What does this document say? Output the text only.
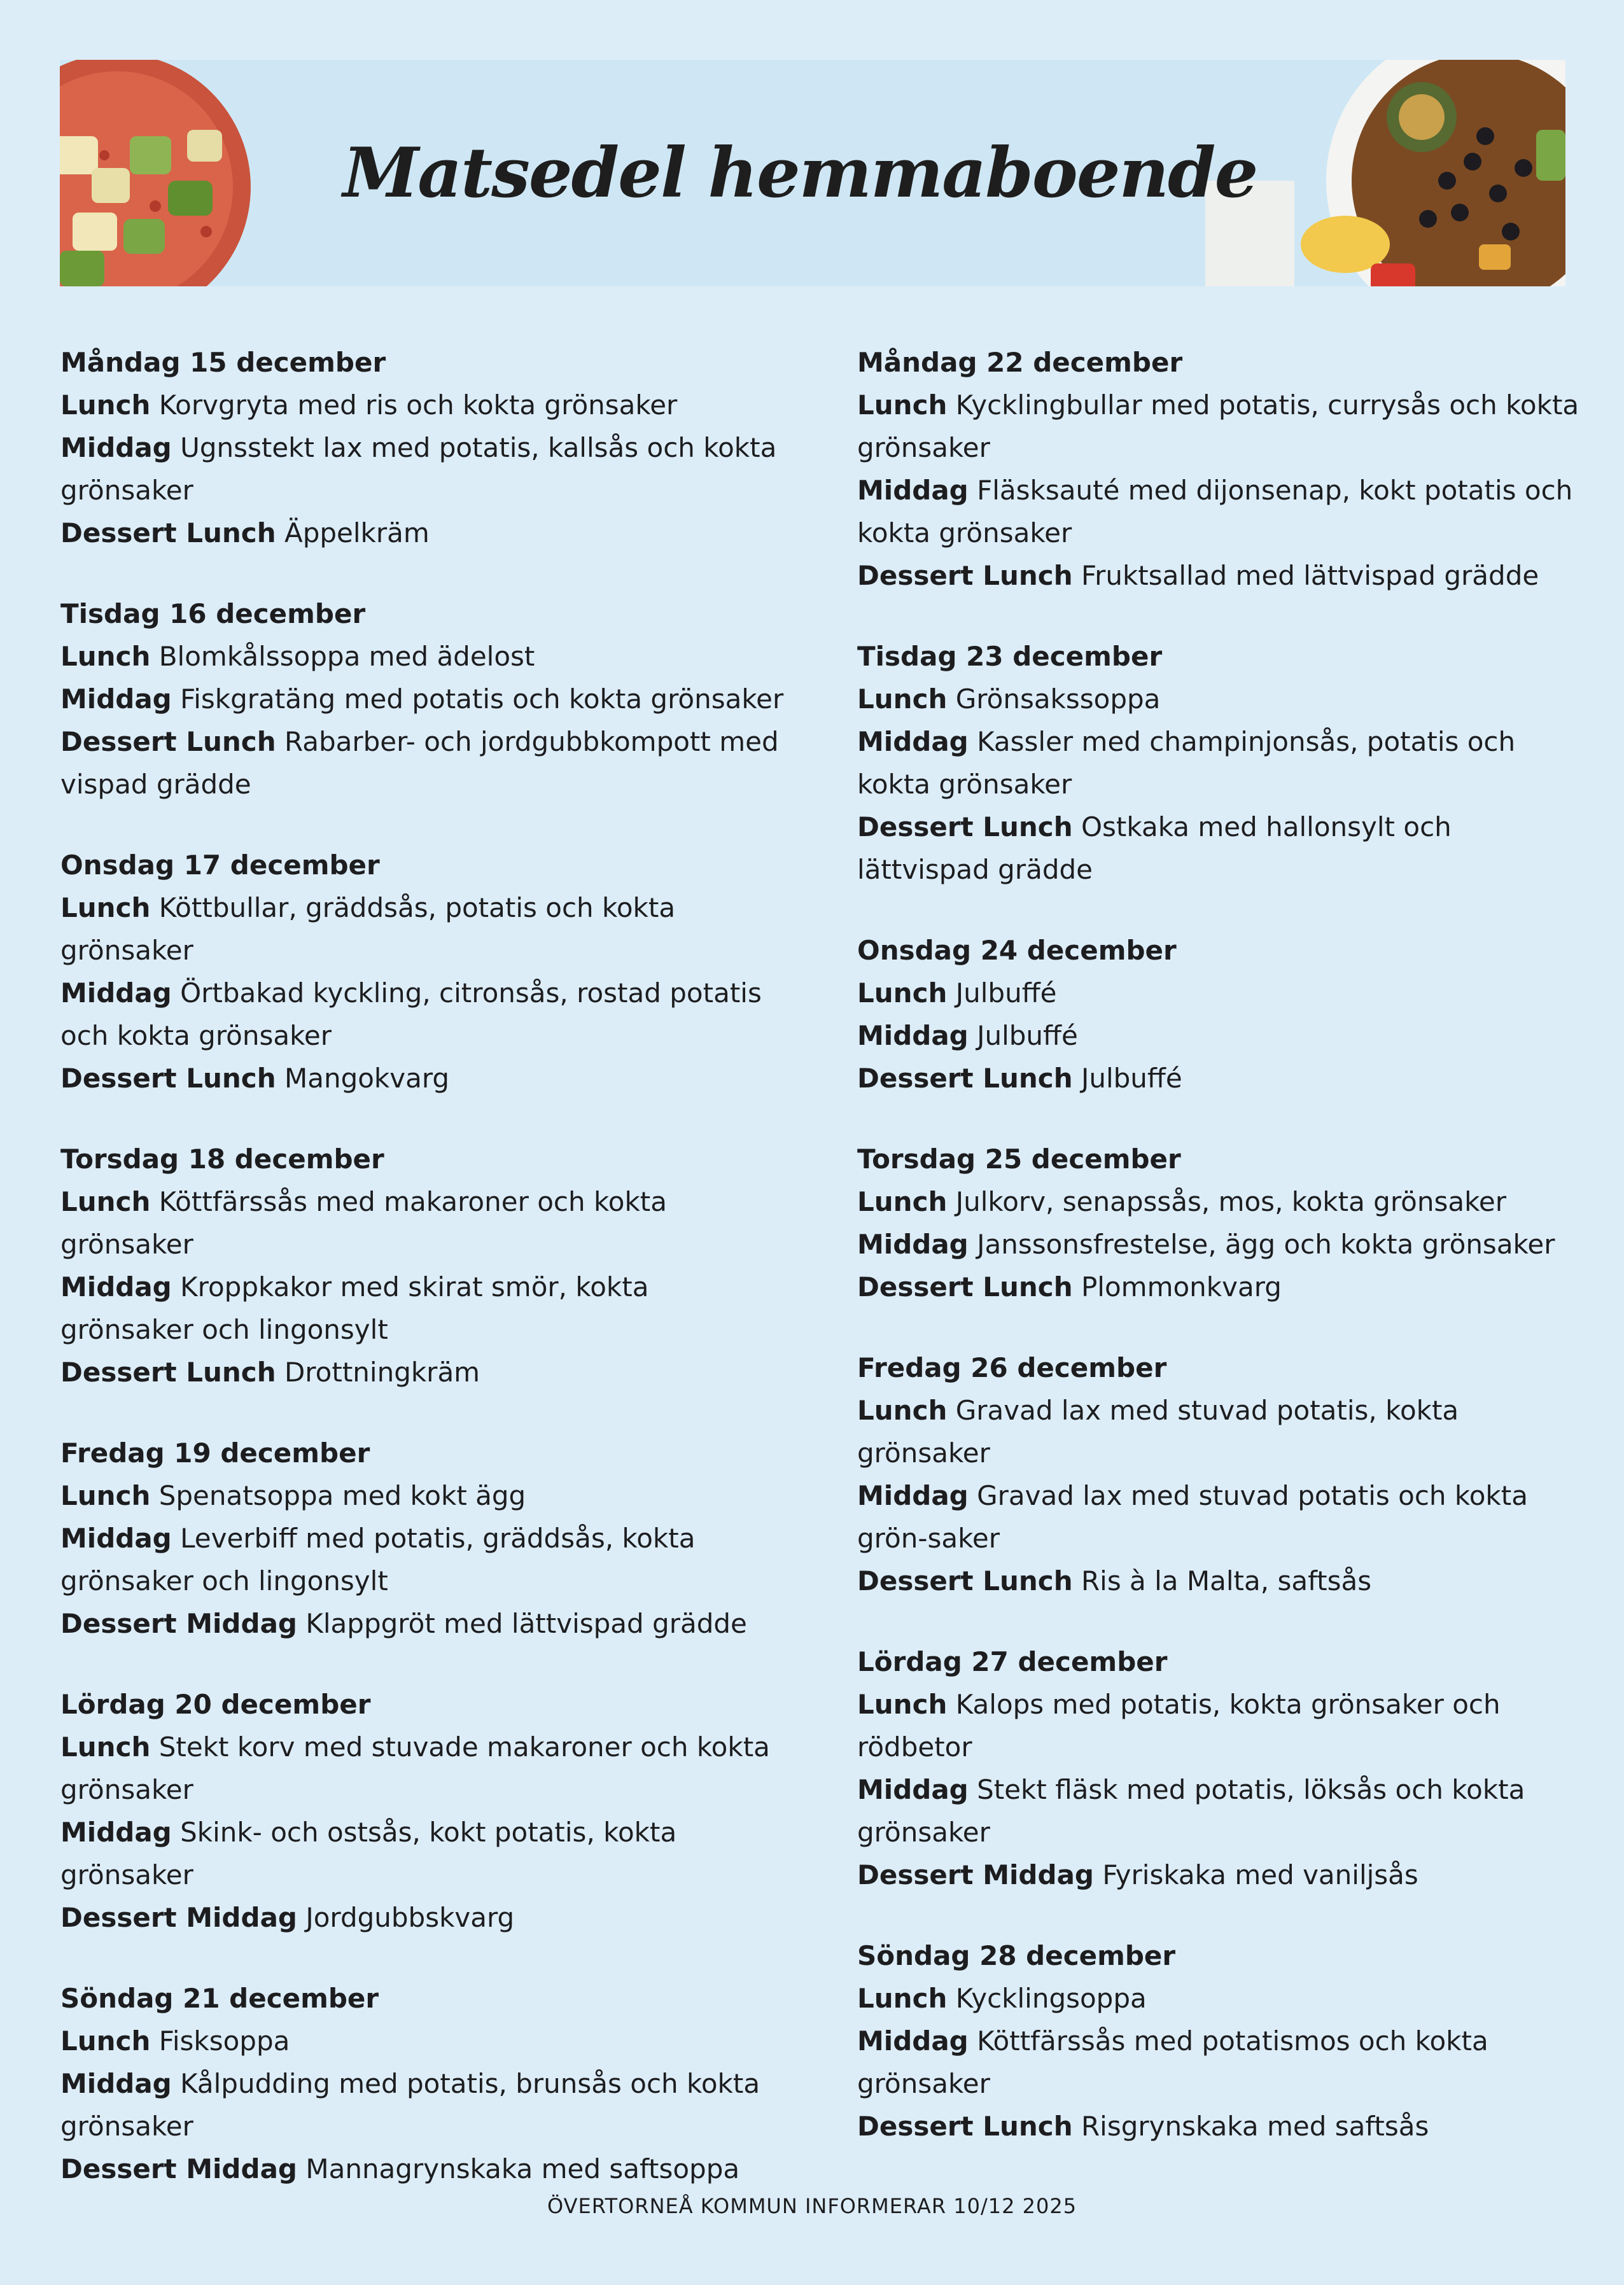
Matsedel hemmaboende
Måndag 15 december
Lunch Korvgryta med ris och kokta grönsaker
Middag Ugnsstekt lax med potatis, kallsås och kokta grönsaker
Dessert Lunch Äppelkräm
Tisdag 16 december
Lunch Blomkålssoppa med ädelost
Middag Fiskgratäng med potatis och kokta grönsaker
Dessert Lunch Rabarber- och jordgubbkompott med vispad grädde
Onsdag 17 december
Lunch Köttbullar, gräddsås, potatis och kokta grönsaker
Middag Örtbakad kyckling, citronsås, rostad potatis och kokta grönsaker
Dessert Lunch Mangokvarg
Torsdag 18 december
Lunch Köttfärssås med makaroner och kokta grönsaker
Middag Kroppkakor med skirat smör, kokta grönsaker och lingonsylt
Dessert Lunch Drottningkräm
Fredag 19 december
Lunch Spenatsoppa med kokt ägg
Middag Leverbiff med potatis, gräddsås, kokta grönsaker och lingonsylt
Dessert Middag Klappgröt med lättvispad grädde
Lördag 20 december
Lunch Stekt korv med stuvade makaroner och kokta grönsaker
Middag Skink- och ostsås, kokt potatis, kokta grönsaker
Dessert Middag Jordgubbskvarg
Söndag 21 december
Lunch Fisksoppa
Middag Kålpudding med potatis, brunsås och kokta grönsaker
Dessert Middag Mannagrynskaka med saftsoppa
Måndag 22 december
Lunch Kycklingbullar med potatis, currysås och kokta grönsaker
Middag Fläsksauté med dijonsenap, kokt potatis och kokta grönsaker
Dessert Lunch Fruktsallad med lättvispad grädde
Tisdag 23 december
Lunch Grönsakssoppa
Middag Kassler med champinjonsås, potatis och kokta grönsaker
Dessert Lunch Ostkaka med hallonsylt och lättvispad grädde
Onsdag 24 december
Lunch Julbuffé
Middag Julbuffé
Dessert Lunch Julbuffé
Torsdag 25 december
Lunch Julkorv, senapssås, mos, kokta grönsaker
Middag Janssonsfrestelse, ägg och kokta grönsaker
Dessert Lunch Plommonkvarg
Fredag 26 december
Lunch Gravad lax med stuvad potatis, kokta grönsaker
Middag Gravad lax med stuvad potatis och kokta grön-saker
Dessert Lunch Ris à la Malta, saftsås
Lördag 27 december
Lunch Kalops med potatis, kokta grönsaker och rödbetor
Middag Stekt fläsk med potatis, löksås och kokta grönsaker
Dessert Middag Fyriskaka med vaniljsås
Söndag 28 december
Lunch Kycklingsoppa
Middag Köttfärssås med potatismos och kokta grönsaker
Dessert Lunch Risgrynskaka med saftsås
ÖVERTORNEÅ KOMMUN INFORMERAR 10/12 2025
